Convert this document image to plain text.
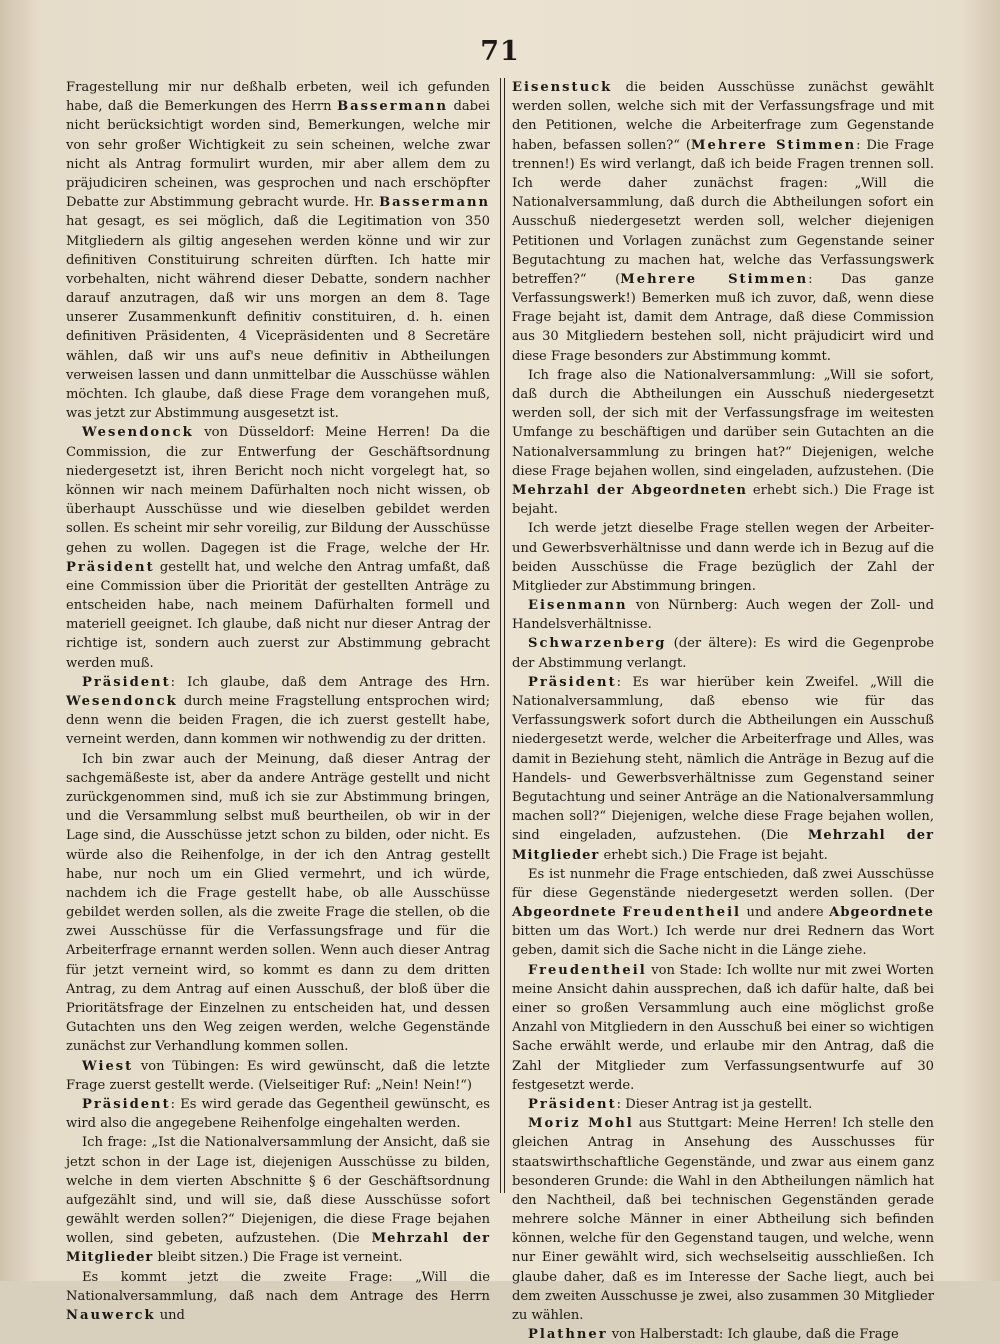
71

Fragestellung mir nur deßhalb erbeten, weil ich gefunden habe, daß die Bemerkungen des Herrn Bassermann dabei nicht berücksichtigt worden sind, Bemerkungen, welche mir von sehr großer Wichtigkeit zu sein scheinen, welche zwar nicht als Antrag formulirt wurden, mir aber allem dem zu präjudiciren scheinen, was gesprochen und nach erschöpfter Debatte zur Abstimmung gebracht wurde. Hr. Bassermann hat gesagt, es sei möglich, daß die Legitimation von 350 Mitgliedern als giltig angesehen werden könne und wir zur definitiven Constituirung schreiten dürften. Ich hatte mir vorbehalten, nicht während dieser Debatte, sondern nachher darauf anzutragen, daß wir uns morgen an dem 8. Tage unserer Zusammenkunft definitiv constituiren, d. h. einen definitiven Präsidenten, 4 Vicepräsidenten und 8 Secretäre wählen, daß wir uns auf's neue definitiv in Abtheilungen verweisen lassen und dann unmittelbar die Ausschüsse wählen möchten. Ich glaube, daß diese Frage dem vorangehen muß, was jetzt zur Abstimmung ausgesetzt ist.

Wesendonck von Düsseldorf: Meine Herren! Da die Commission, die zur Entwerfung der Geschäftsordnung niedergesetzt ist, ihren Bericht noch nicht vorgelegt hat, so können wir nach meinem Dafürhalten noch nicht wissen, ob überhaupt Ausschüsse und wie dieselben gebildet werden sollen. Es scheint mir sehr voreilig, zur Bildung der Ausschüsse gehen zu wollen. Dagegen ist die Frage, welche der Hr. Präsident gestellt hat, und welche den Antrag umfaßt, daß eine Commission über die Priorität der gestellten Anträge zu entscheiden habe, nach meinem Dafürhalten formell und materiell geeignet. Ich glaube, daß nicht nur dieser Antrag der richtige ist, sondern auch zuerst zur Abstimmung gebracht werden muß.

Präsident: Ich glaube, daß dem Antrage des Hrn. Wesendonck durch meine Fragstellung entsprochen wird; denn wenn die beiden Fragen, die ich zuerst gestellt habe, verneint werden, dann kommen wir nothwendig zu der dritten.

Ich bin zwar auch der Meinung, daß dieser Antrag der sachgemäßeste ist, aber da andere Anträge gestellt und nicht zurückgenommen sind, muß ich sie zur Abstimmung bringen, und die Versammlung selbst muß beurtheilen, ob wir in der Lage sind, die Ausschüsse jetzt schon zu bilden, oder nicht. Es würde also die Reihenfolge, in der ich den Antrag gestellt habe, nur noch um ein Glied vermehrt, und ich würde, nachdem ich die Frage gestellt habe, ob alle Ausschüsse gebildet werden sollen, als die zweite Frage die stellen, ob die zwei Ausschüsse für die Verfassungsfrage und für die Arbeiterfrage ernannt werden sollen. Wenn auch dieser Antrag für jetzt verneint wird, so kommt es dann zu dem dritten Antrag, zu dem Antrag auf einen Ausschuß, der bloß über die Prioritätsfrage der Einzelnen zu entscheiden hat, und dessen Gutachten uns den Weg zeigen werden, welche Gegenstände zunächst zur Verhandlung kommen sollen.

Wiest von Tübingen: Es wird gewünscht, daß die letzte Frage zuerst gestellt werde. (Vielseitiger Ruf: „Nein! Nein!“)

Präsident: Es wird gerade das Gegentheil gewünscht, es wird also die angegebene Reihenfolge eingehalten werden.

Ich frage: „Ist die Nationalversammlung der Ansicht, daß sie jetzt schon in der Lage ist, diejenigen Ausschüsse zu bilden, welche in dem vierten Abschnitte § 6 der Geschäftsordnung aufgezählt sind, und will sie, daß diese Ausschüsse sofort gewählt werden sollen?“ Diejenigen, die diese Frage bejahen wollen, sind gebeten, aufzustehen. (Die Mehrzahl der Mitglieder bleibt sitzen.) Die Frage ist verneint.

Es kommt jetzt die zweite Frage: „Will die Nationalversammlung, daß nach dem Antrage des Herrn Nauwerck und

Eisenstuck die beiden Ausschüsse zunächst gewählt werden sollen, welche sich mit der Verfassungsfrage und mit den Petitionen, welche die Arbeiterfrage zum Gegenstande haben, befassen sollen?“ (Mehrere Stimmen: Die Frage trennen!) Es wird verlangt, daß ich beide Fragen trennen soll. Ich werde daher zunächst fragen: „Will die Nationalversammlung, daß durch die Abtheilungen sofort ein Ausschuß niedergesetzt werden soll, welcher diejenigen Petitionen und Vorlagen zunächst zum Gegenstande seiner Begutachtung zu machen hat, welche das Verfassungswerk betreffen?“ (Mehrere Stimmen: Das ganze Verfassungswerk!) Bemerken muß ich zuvor, daß, wenn diese Frage bejaht ist, damit dem Antrage, daß diese Commission aus 30 Mitgliedern bestehen soll, nicht präjudicirt wird und diese Frage besonders zur Abstimmung kommt.

Ich frage also die Nationalversammlung: „Will sie sofort, daß durch die Abtheilungen ein Ausschuß niedergesetzt werden soll, der sich mit der Verfassungsfrage im weitesten Umfange zu beschäftigen und darüber sein Gutachten an die Nationalversammlung zu bringen hat?“ Diejenigen, welche diese Frage bejahen wollen, sind eingeladen, aufzustehen. (Die Mehrzahl der Abgeordneten erhebt sich.) Die Frage ist bejaht.

Ich werde jetzt dieselbe Frage stellen wegen der Arbeiter- und Gewerbsverhältnisse und dann werde ich in Bezug auf die beiden Ausschüsse die Frage bezüglich der Zahl der Mitglieder zur Abstimmung bringen.

Eisenmann von Nürnberg: Auch wegen der Zoll- und Handelsverhältnisse.

Schwarzenberg (der ältere): Es wird die Gegenprobe der Abstimmung verlangt.

Präsident: Es war hierüber kein Zweifel. „Will die Nationalversammlung, daß ebenso wie für das Verfassungswerk sofort durch die Abtheilungen ein Ausschuß niedergesetzt werde, welcher die Arbeiterfrage und Alles, was damit in Beziehung steht, nämlich die Anträge in Bezug auf die Handels- und Gewerbsverhältnisse zum Gegenstand seiner Begutachtung und seiner Anträge an die Nationalversammlung machen soll?“ Diejenigen, welche diese Frage bejahen wollen, sind eingeladen, aufzustehen. (Die Mehrzahl der Mitglieder erhebt sich.) Die Frage ist bejaht.

Es ist nunmehr die Frage entschieden, daß zwei Ausschüsse für diese Gegenstände niedergesetzt werden sollen. (Der Abgeordnete Freudentheil und andere Abgeordnete bitten um das Wort.) Ich werde nur drei Rednern das Wort geben, damit sich die Sache nicht in die Länge ziehe.

Freudentheil von Stade: Ich wollte nur mit zwei Worten meine Ansicht dahin aussprechen, daß ich dafür halte, daß bei einer so großen Versammlung auch eine möglichst große Anzahl von Mitgliedern in den Ausschuß bei einer so wichtigen Sache erwählt werde, und erlaube mir den Antrag, daß die Zahl der Mitglieder zum Verfassungsentwurfe auf 30 festgesetzt werde.

Präsident: Dieser Antrag ist ja gestellt.

Moriz Mohl aus Stuttgart: Meine Herren! Ich stelle den gleichen Antrag in Ansehung des Ausschusses für staatswirthschaftliche Gegenstände, und zwar aus einem ganz besonderen Grunde: die Wahl in den Abtheilungen nämlich hat den Nachtheil, daß bei technischen Gegenständen gerade mehrere solche Männer in einer Abtheilung sich befinden können, welche für den Gegenstand taugen, und welche, wenn nur Einer gewählt wird, sich wechselseitig ausschließen. Ich glaube daher, daß es im Interesse der Sache liegt, auch bei dem zweiten Ausschusse je zwei, also zusammen 30 Mitglieder zu wählen.

Plathner von Halberstadt: Ich glaube, daß die Frage
